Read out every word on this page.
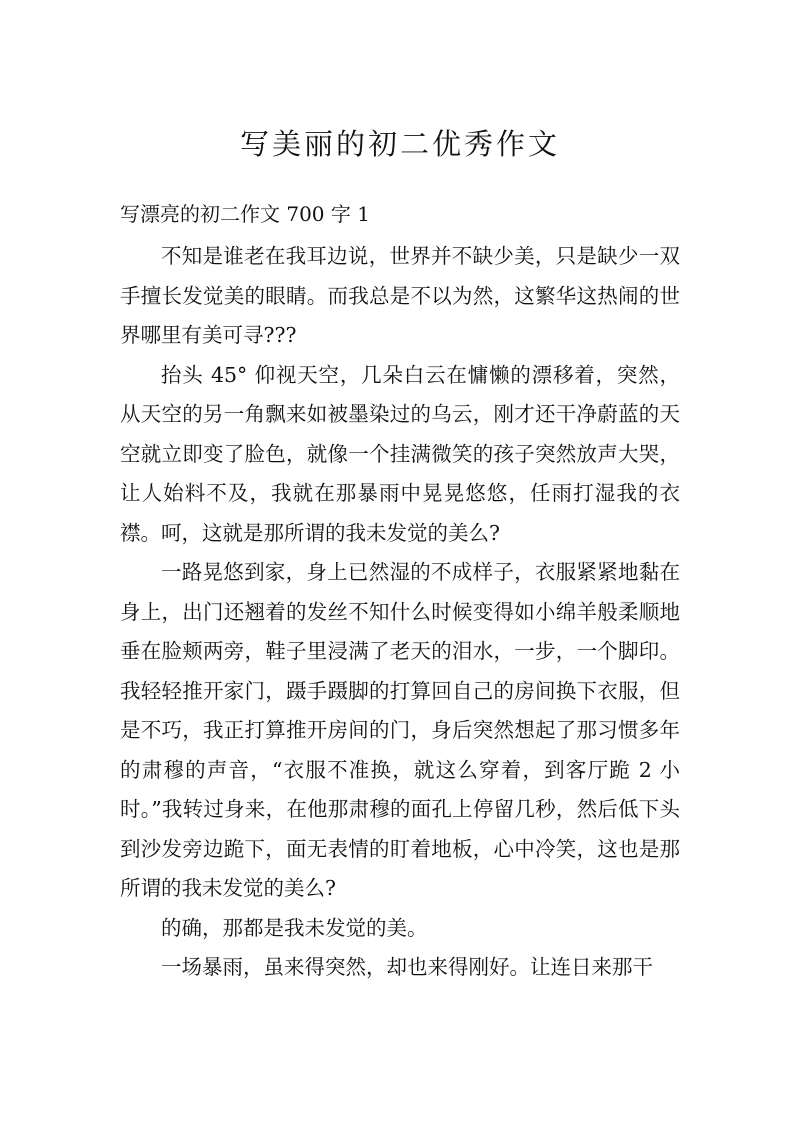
写美丽的初二优秀作文

写漂亮的初二作文 700 字 1

不知是谁老在我耳边说，世界并不缺少美，只是缺少一双手擅长发觉美的眼睛。而我总是不以为然，这繁华这热闹的世界哪里有美可寻???

抬头 45° 仰视天空，几朵白云在慵懒的漂移着，突然，从天空的另一角飘来如被墨染过的乌云，刚才还干净蔚蓝的天空就立即变了脸色，就像一个挂满微笑的孩子突然放声大哭，让人始料不及，我就在那暴雨中晃晃悠悠，任雨打湿我的衣襟。呵，这就是那所谓的我未发觉的美么?

一路晃悠到家，身上已然湿的不成样子，衣服紧紧地黏在身上，出门还翘着的发丝不知什么时候变得如小绵羊般柔顺地垂在脸颊两旁，鞋子里浸满了老天的泪水，一步，一个脚印。我轻轻推开家门，蹑手蹑脚的打算回自己的房间换下衣服，但是不巧，我正打算推开房间的门，身后突然想起了那习惯多年的肃穆的声音，“衣服不准换，就这么穿着，到客厅跪 2 小时。”我转过身来，在他那肃穆的面孔上停留几秒，然后低下头到沙发旁边跪下，面无表情的盯着地板，心中冷笑，这也是那所谓的我未发觉的美么?

的确，那都是我未发觉的美。

一场暴雨，虽来得突然，却也来得刚好。让连日来那干
